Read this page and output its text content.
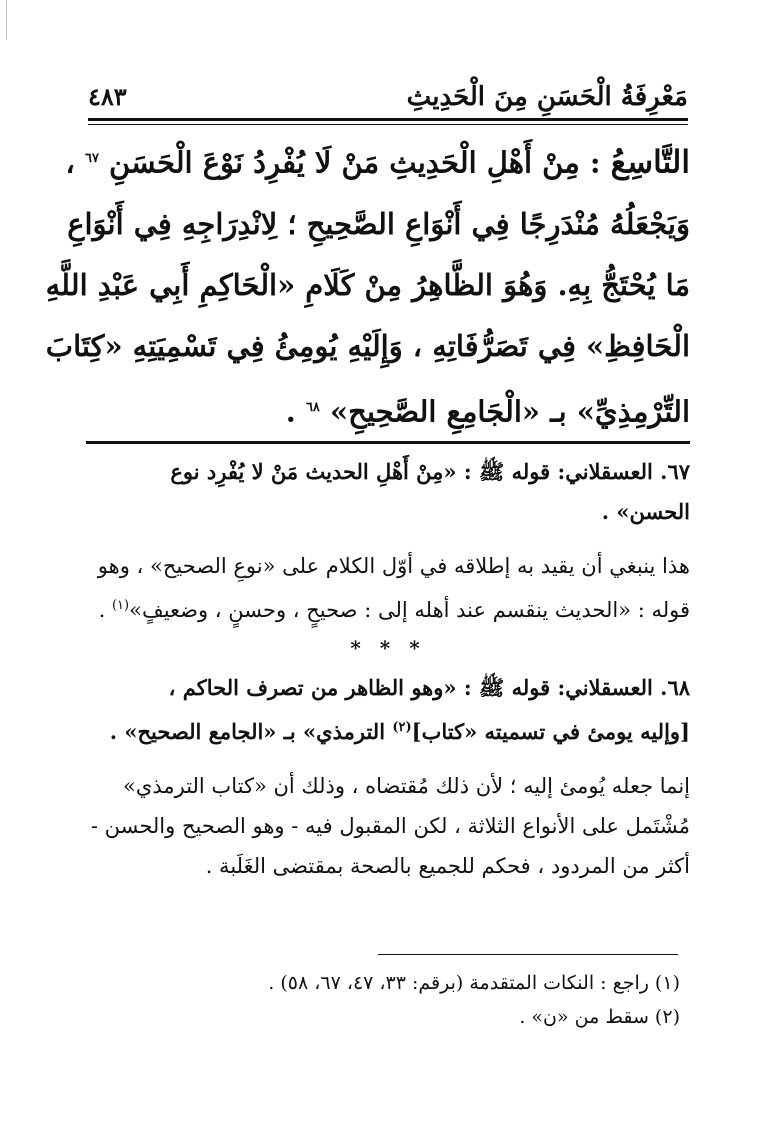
مَعْرِفَةُ الْحَسَنِ مِنَ الْحَدِيثِ
٤٨٣

التَّاسِعُ : مِنْ أَهْلِ الْحَدِيثِ مَنْ لَا يُفْرِدُ نَوْعَ الْحَسَنِ $^{٦٧}$ ،

وَيَجْعَلُهُ مُنْدَرِجًا فِي أَنْوَاعِ الصَّحِيحِ ؛ لِانْدِرَاجِهِ فِي أَنْوَاعِ

مَا يُحْتَجُّ بِهِ. وَهُوَ الظَّاهِرُ مِنْ كَلَامِ «الْحَاكِمِ أَبِي عَبْدِ اللَّهِ

الْحَافِظِ» فِي تَصَرُّفَاتِهِ ، وَإِلَيْهِ يُومِئُ فِي تَسْمِيَتِهِ «كِتَابَ

التِّرْمِذِيِّ» بـ «الْجَامِعِ الصَّحِيحِ» $^{٦٨}$ .

٦٧. العسقلاني: قوله ﷺ : «مِنْ أَهْلِ الحديث مَنْ لا يُفْرِد نوع
الحسن» .
هذا ينبغي أن يقيد به إطلاقه في أوّل الكلام على «نوعِ الصحيح» ، وهو
قوله : «الحديث ينقسم عند أهله إلى : صحيحٍ ، وحسنٍ ، وضعيفٍ»$^{(١)}$ .
* * *
٦٨. العسقلاني: قوله ﷺ : «وهو الظاهر من تصرف الحاكم ،
[وإليه يومئ في تسميته «كتاب]$^{(٢)}$ الترمذي» بـ «الجامع الصحيح» .
إنما جعله يُومئ إليه ؛ لأن ذلك مُقتضاه ، وذلك أن «كتاب الترمذي»
مُشْتَمل على الأنواع الثلاثة ، لكن المقبول فيه - وهو الصحيح والحسن -
أكثر من المردود ، فحكم للجميع بالصحة بمقتضى الغَلَبة .
(١) راجع : النكات المتقدمة (برقم: ٣٣، ٤٧، ٦٧، ٥٨) .
(٢) سقط من «ن» .
